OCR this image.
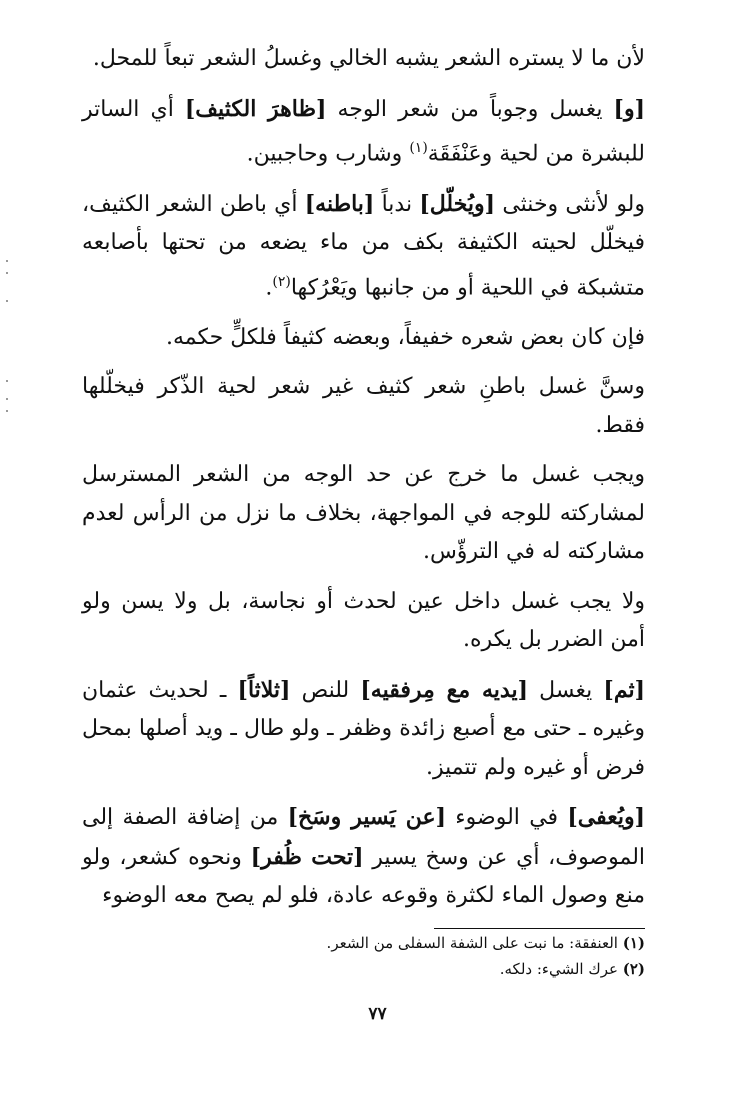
لأن ما لا يستره الشعر يشبه الخالي وغسلُ الشعر تبعاً للمحل.

[و] يغسل وجوباً من شعر الوجه [ظاهرَ الكثيف] أي الساتر للبشرة من لحية وعَنْفَقَة$^{(١)}$ وشارب وحاجبين.

ولو لأنثى وخنثى [ويُخلّل] ندباً [باطنه] أي باطن الشعر الكثيف، فيخلّل لحيته الكثيفة بكف من ماء يضعه من تحتها بأصابعه متشبكة في اللحية أو من جانبها ويَعْرُكها$^{(٢)}$.

فإن كان بعض شعره خفيفاً، وبعضه كثيفاً فلكلٍّ حكمه.

وسنَّ غسل باطنِ شعر كثيف غير شعر لحية الذّكر فيخلّلها فقط.

ويجب غسل ما خرج عن حد الوجه من الشعر المسترسل لمشاركته للوجه في المواجهة، بخلاف ما نزل من الرأس لعدم مشاركته له في الترؤّس.

ولا يجب غسل داخل عين لحدث أو نجاسة، بل ولا يسن ولو أمن الضرر بل يكره.

[ثم] يغسل [يديه مع مِرفقيه] للنص [ثلاثاً] ـ لحديث عثمان وغيره ـ حتى مع أصبع زائدة وظفر ـ ولو طال ـ ويد أصلها بمحل فرض أو غيره ولم تتميز.

[ويُعفى] في الوضوء [عن يَسير وسَخ] من إضافة الصفة إلى الموصوف، أي عن وسخ يسير [تحت ظُفر] ونحوه كشعر، ولو منع وصول الماء لكثرة وقوعه عادة، فلو لم يصح معه الوضوء

(١) العنفقة: ما نبت على الشفة السفلى من الشعر.
(٢) عرك الشيء: دلكه.
٧٧
